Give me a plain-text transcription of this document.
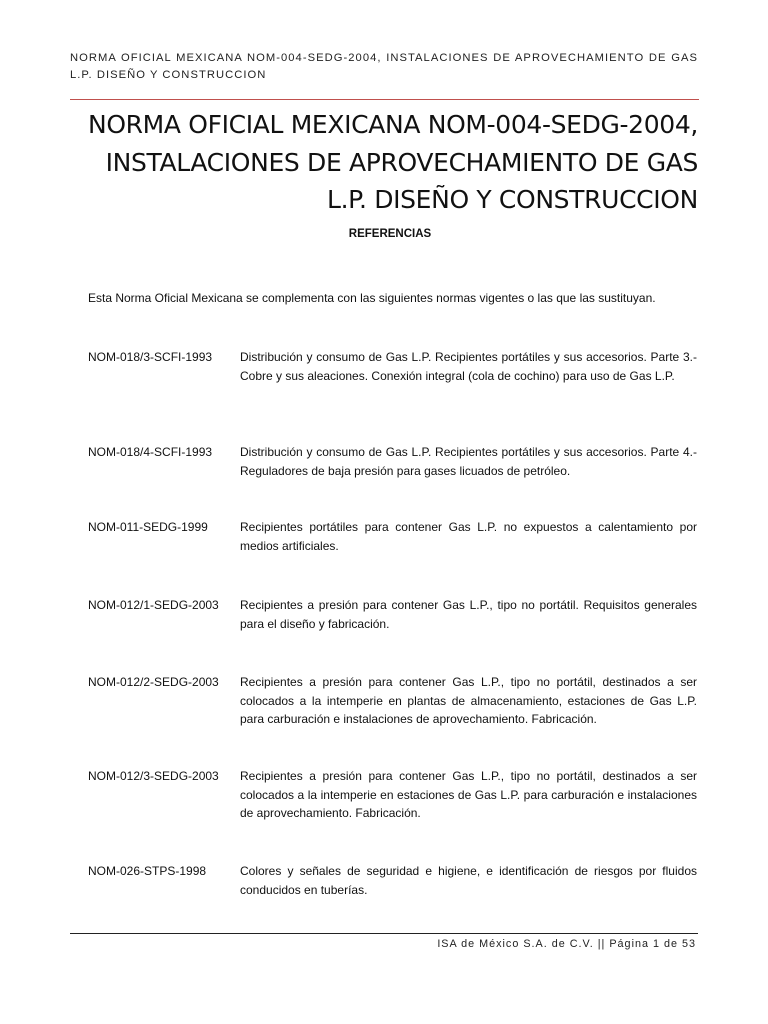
NORMA OFICIAL MEXICANA NOM-004-SEDG-2004, INSTALACIONES DE APROVECHAMIENTO DE GAS L.P. DISEÑO Y CONSTRUCCION
NORMA OFICIAL MEXICANA NOM-004-SEDG-2004,
INSTALACIONES DE APROVECHAMIENTO DE GAS
L.P. DISEÑO Y CONSTRUCCION
REFERENCIAS
Esta Norma Oficial Mexicana se complementa con las siguientes normas vigentes o las que las sustituyan.
NOM-018/3-SCFI-1993	Distribución y consumo de Gas L.P. Recipientes portátiles y sus accesorios. Parte 3.- Cobre y sus aleaciones. Conexión integral (cola de cochino) para uso de Gas L.P.
NOM-018/4-SCFI-1993	Distribución y consumo de Gas L.P. Recipientes portátiles y sus accesorios. Parte 4.- Reguladores de baja presión para gases licuados de petróleo.
NOM-011-SEDG-1999	Recipientes portátiles para contener Gas L.P. no expuestos a calentamiento por medios artificiales.
NOM-012/1-SEDG-2003	Recipientes a presión para contener Gas L.P., tipo no portátil. Requisitos generales para el diseño y fabricación.
NOM-012/2-SEDG-2003	Recipientes a presión para contener Gas L.P., tipo no portátil, destinados a ser colocados a la intemperie en plantas de almacenamiento, estaciones de Gas L.P. para carburación e instalaciones de aprovechamiento. Fabricación.
NOM-012/3-SEDG-2003	Recipientes a presión para contener Gas L.P., tipo no portátil, destinados a ser colocados a la intemperie en estaciones de Gas L.P. para carburación e instalaciones de aprovechamiento. Fabricación.
NOM-026-STPS-1998	Colores y señales de seguridad e higiene, e identificación de riesgos por fluidos conducidos en tuberías.
ISA de México S.A. de C.V. || Página 1 de 53
